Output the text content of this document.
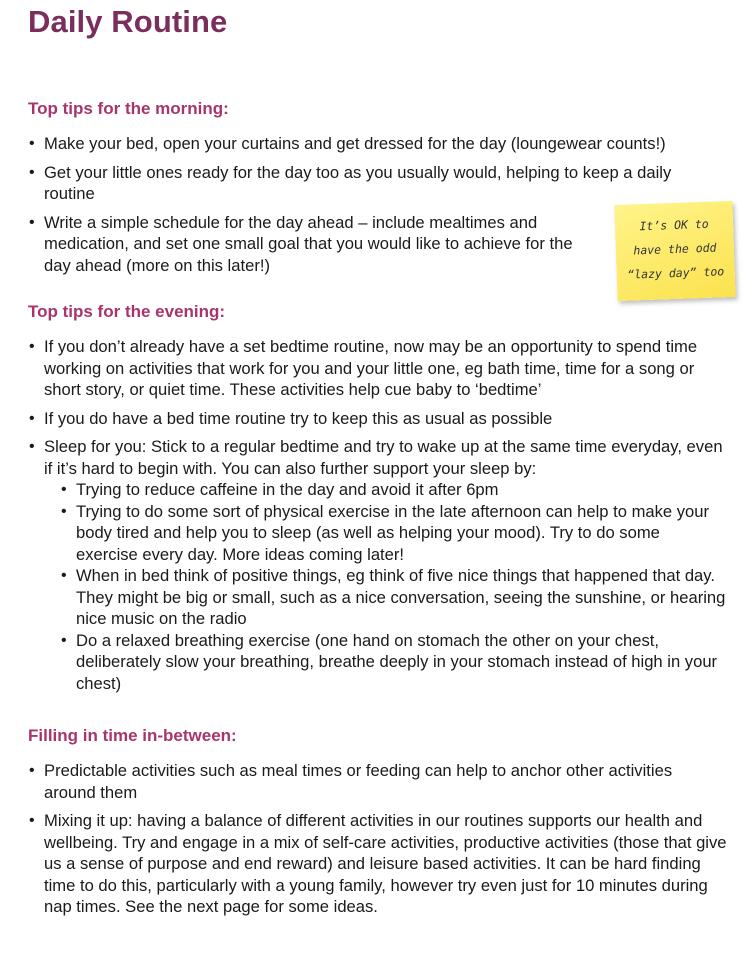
Daily Routine
Top tips for the morning:
• Make your bed, open your curtains and get dressed for the day (loungewear counts!)
• Get your little ones ready for the day too as you usually would, helping to keep a daily routine
• Write a simple schedule for the day ahead – include mealtimes and medication, and set one small goal that you would like to achieve for the day ahead (more on this later!)
It’s OK to
have the odd
“lazy day” too
Top tips for the evening:
• If you don’t already have a set bedtime routine, now may be an opportunity to spend time working on activities that work for you and your little one, eg bath time, time for a song or short story, or quiet time. These activities help cue baby to ‘bedtime’
• If you do have a bed time routine try to keep this as usual as possible
• Sleep for you: Stick to a regular bedtime and try to wake up at the same time everyday, even if it’s hard to begin with. You can also further support your sleep by:
• Trying to reduce caffeine in the day and avoid it after 6pm
• Trying to do some sort of physical exercise in the late afternoon can help to make your body tired and help you to sleep (as well as helping your mood). Try to do some exercise every day. More ideas coming later!
• When in bed think of positive things, eg think of five nice things that happened that day. They might be big or small, such as a nice conversation, seeing the sunshine, or hearing nice music on the radio
• Do a relaxed breathing exercise (one hand on stomach the other on your chest, deliberately slow your breathing, breathe deeply in your stomach instead of high in your chest)
Filling in time in-between:
• Predictable activities such as meal times or feeding can help to anchor other activities around them
• Mixing it up: having a balance of different activities in our routines supports our health and wellbeing. Try and engage in a mix of self-care activities, productive activities (those that give us a sense of purpose and end reward) and leisure based activities. It can be hard finding time to do this, particularly with a young family, however try even just for 10 minutes during nap times. See the next page for some ideas.
